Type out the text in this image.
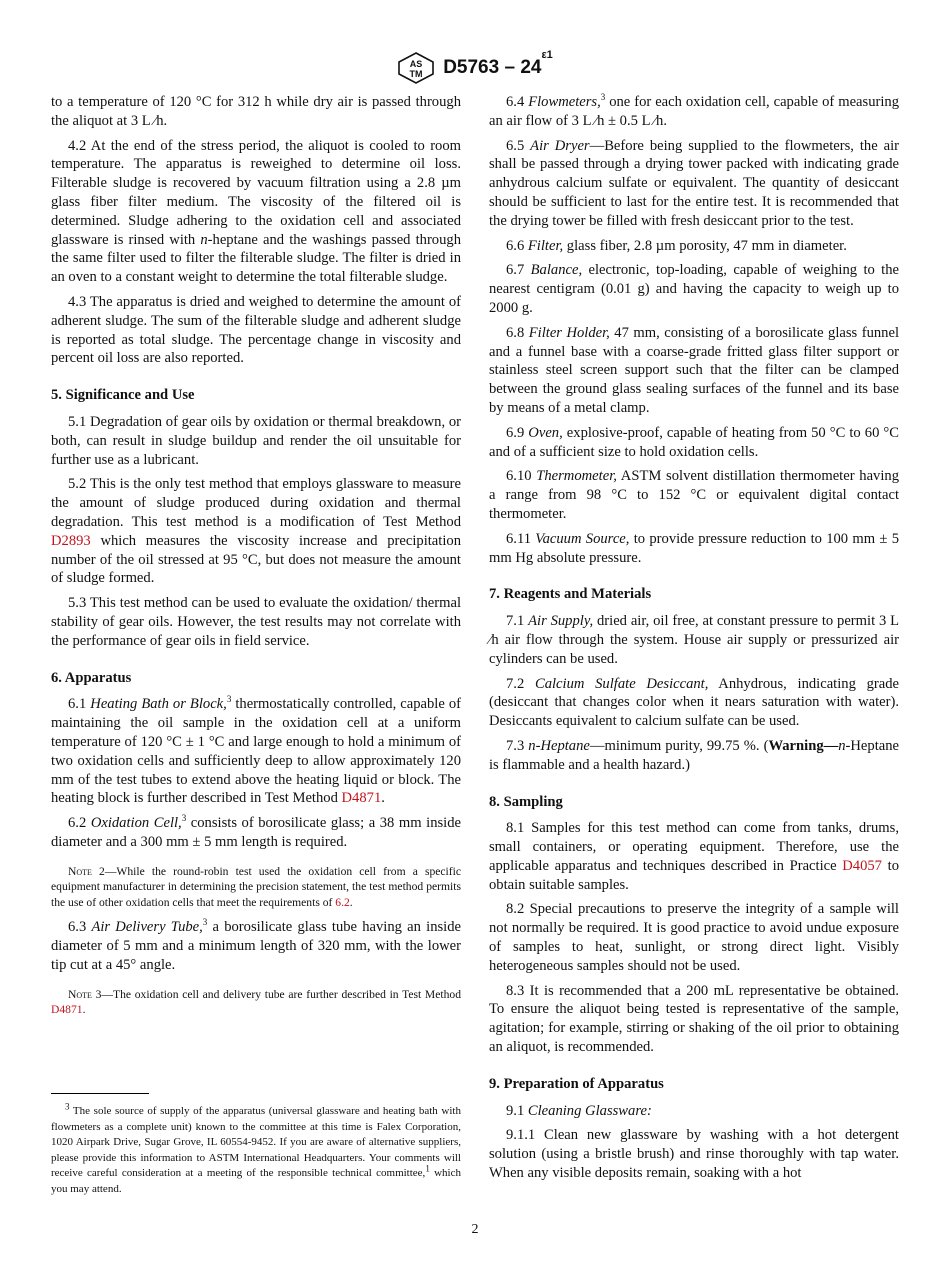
AS
TM $D5763 - 24^{\varepsilon 1}$

to a temperature of 120 °C for 312 h while dry air is passed through the aliquot at 3 L ⁄h.

4.2 At the end of the stress period, the aliquot is cooled to room temperature. The apparatus is reweighed to determine oil loss. Filterable sludge is recovered by vacuum filtration using a 2.8 µm glass fiber filter medium. The viscosity of the filtered oil is determined. Sludge adhering to the oxidation cell and associated glassware is rinsed with n-heptane and the washings passed through the same filter used to filter the filterable sludge. The filter is dried in an oven to a constant weight to determine the total filterable sludge.

4.3 The apparatus is dried and weighed to determine the amount of adherent sludge. The sum of the filterable sludge and adherent sludge is reported as total sludge. The percentage change in viscosity and percent oil loss are also reported.

5. Significance and Use

5.1 Degradation of gear oils by oxidation or thermal breakdown, or both, can result in sludge buildup and render the oil unsuitable for further use as a lubricant.

5.2 This is the only test method that employs glassware to measure the amount of sludge produced during oxidation and thermal degradation. This test method is a modification of Test Method D2893 which measures the viscosity increase and precipitation number of the oil stressed at 95 °C, but does not measure the amount of sludge formed.

5.3 This test method can be used to evaluate the oxidation/ thermal stability of gear oils. However, the test results may not correlate with the performance of gear oils in field service.

6. Apparatus

6.1 Heating Bath or Block,$^3$ thermostatically controlled, capable of maintaining the oil sample in the oxidation cell at a uniform temperature of 120 °C ± 1 °C and large enough to hold a minimum of two oxidation cells and sufficiently deep to allow approximately 120 mm of the test tubes to extend above the heating liquid or block. The heating block is further described in Test Method D4871.

6.2 Oxidation Cell,$^3$ consists of borosilicate glass; a 38 mm inside diameter and a 300 mm ± 5 mm length is required.

Note 2—While the round-robin test used the oxidation cell from a specific equipment manufacturer in determining the precision statement, the test method permits the use of other oxidation cells that meet the requirements of 6.2.

6.3 Air Delivery Tube,$^3$ a borosilicate glass tube having an inside diameter of 5 mm and a minimum length of 320 mm, with the lower tip cut at a 45° angle.

Note 3—The oxidation cell and delivery tube are further described in Test Method D4871.
$^3$ The sole source of supply of the apparatus (universal glassware and heating bath with flowmeters as a complete unit) known to the committee at this time is Falex Corporation, 1020 Airpark Drive, Sugar Grove, IL 60554-9452. If you are aware of alternative suppliers, please provide this information to ASTM International Headquarters. Your comments will receive careful consideration at a meeting of the responsible technical committee,$^1$ which you may attend.

6.4 Flowmeters,$^3$ one for each oxidation cell, capable of measuring an air flow of 3 L ⁄h ± 0.5 L ⁄h.

6.5 Air Dryer—Before being supplied to the flowmeters, the air shall be passed through a drying tower packed with indicating grade anhydrous calcium sulfate or equivalent. The quantity of desiccant should be sufficient to last for the entire test. It is recommended that the drying tower be filled with fresh desiccant prior to the test.

6.6 Filter, glass fiber, 2.8 µm porosity, 47 mm in diameter.

6.7 Balance, electronic, top-loading, capable of weighing to the nearest centigram (0.01 g) and having the capacity to weigh up to 2000 g.

6.8 Filter Holder, 47 mm, consisting of a borosilicate glass funnel and a funnel base with a coarse-grade fritted glass filter support or stainless steel screen support such that the filter can be clamped between the ground glass sealing surfaces of the funnel and its base by means of a metal clamp.

6.9 Oven, explosive-proof, capable of heating from 50 °C to 60 °C and of a sufficient size to hold oxidation cells.

6.10 Thermometer, ASTM solvent distillation thermometer having a range from 98 °C to 152 °C or equivalent digital contact thermometer.

6.11 Vacuum Source, to provide pressure reduction to 100 mm ± 5 mm Hg absolute pressure.

7. Reagents and Materials

7.1 Air Supply, dried air, oil free, at constant pressure to permit 3 L ⁄h air flow through the system. House air supply or pressurized air cylinders can be used.

7.2 Calcium Sulfate Desiccant, Anhydrous, indicating grade (desiccant that changes color when it nears saturation with water). Desiccants equivalent to calcium sulfate can be used.

7.3 n-Heptane—minimum purity, 99.75 %. (Warning—n-Heptane is flammable and a health hazard.)

8. Sampling

8.1 Samples for this test method can come from tanks, drums, small containers, or operating equipment. Therefore, use the applicable apparatus and techniques described in Practice D4057 to obtain suitable samples.

8.2 Special precautions to preserve the integrity of a sample will not normally be required. It is good practice to avoid undue exposure of samples to heat, sunlight, or strong direct light. Visibly heterogeneous samples should not be used.

8.3 It is recommended that a 200 mL representative be obtained. To ensure the aliquot being tested is representative of the sample, agitation; for example, stirring or shaking of the oil prior to obtaining an aliquot, is recommended.

9. Preparation of Apparatus

9.1 Cleaning Glassware:

9.1.1 Clean new glassware by washing with a hot detergent solution (using a bristle brush) and rinse thoroughly with tap water. When any visible deposits remain, soaking with a hot

2
